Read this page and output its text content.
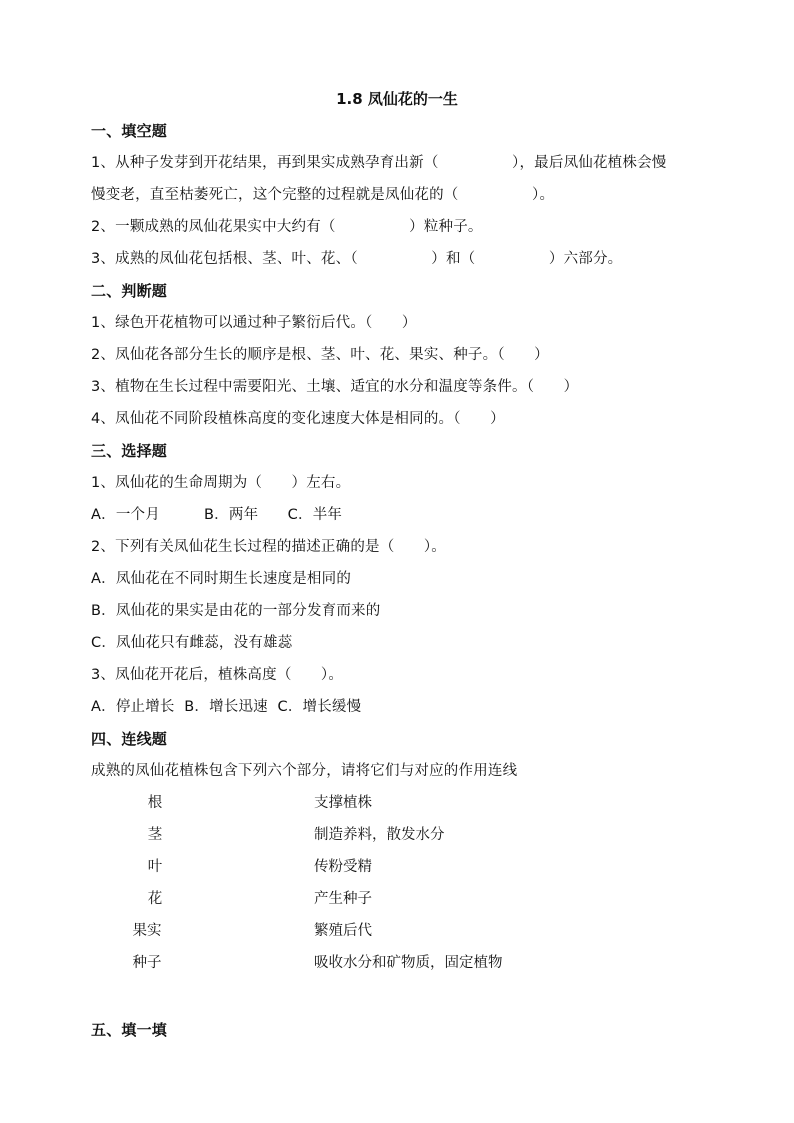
1.8 凤仙花的一生
一、填空题
1、从种子发芽到开花结果，再到果实成熟孕育出新（　　　　　），最后凤仙花植株会慢
慢变老，直至枯萎死亡，这个完整的过程就是凤仙花的（　　　　　）。
2、一颗成熟的凤仙花果实中大约有（　　　　　）粒种子。
3、成熟的凤仙花包括根、茎、叶、花、（　　　　　）和（　　　　　）六部分。
二、判断题
1、绿色开花植物可以通过种子繁衍后代。（　　）
2、凤仙花各部分生长的顺序是根、茎、叶、花、果实、种子。（　　）
3、植物在生长过程中需要阳光、土壤、适宜的水分和温度等条件。（　　）
4、凤仙花不同阶段植株高度的变化速度大体是相同的。（　　）
三、选择题
1、凤仙花的生命周期为（　　）左右。
A．一个月　　　B．两年　　C．半年
2、下列有关凤仙花生长过程的描述正确的是（　　）。
A．凤仙花在不同时期生长速度是相同的
B．凤仙花的果实是由花的一部分发育而来的
C．凤仙花只有雌蕊，没有雄蕊
3、凤仙花开花后，植株高度（　　）。
A．停止增长  B．增长迅速  C．增长缓慢
四、连线题
成熟的凤仙花植株包含下列六个部分，请将它们与对应的作用连线
根
茎
叶
花
果实
种子
支撑植株
制造养料，散发水分
传粉受精
产生种子
繁殖后代
吸收水分和矿物质，固定植物
五、填一填
